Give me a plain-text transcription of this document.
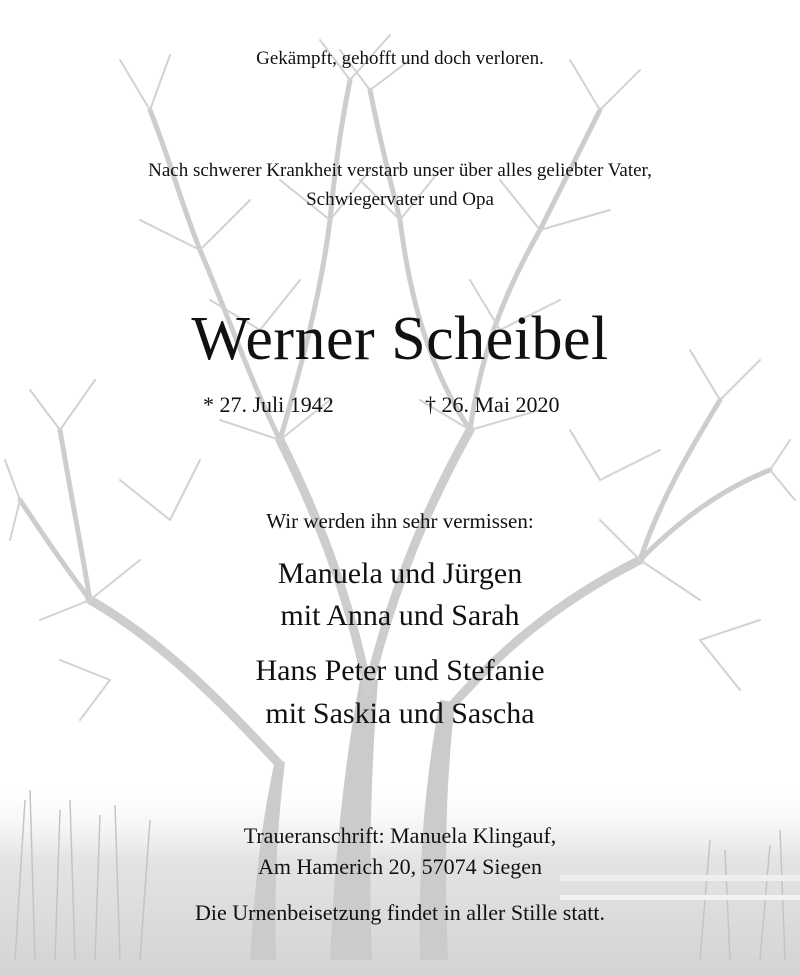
Gekämpft, gehofft und doch verloren.
Nach schwerer Krankheit verstarb unser über alles geliebter Vater,
Schwiegervater und Opa
Werner Scheibel
* 27. Juli 1942	† 26. Mai 2020
Wir werden ihn sehr vermissen:
Manuela und Jürgen
mit Anna und Sarah
Hans Peter und Stefanie
mit Saskia und Sascha
Traueranschrift: Manuela Klingauf,
Am Hamerich 20, 57074 Siegen
Die Urnenbeisetzung findet in aller Stille statt.
